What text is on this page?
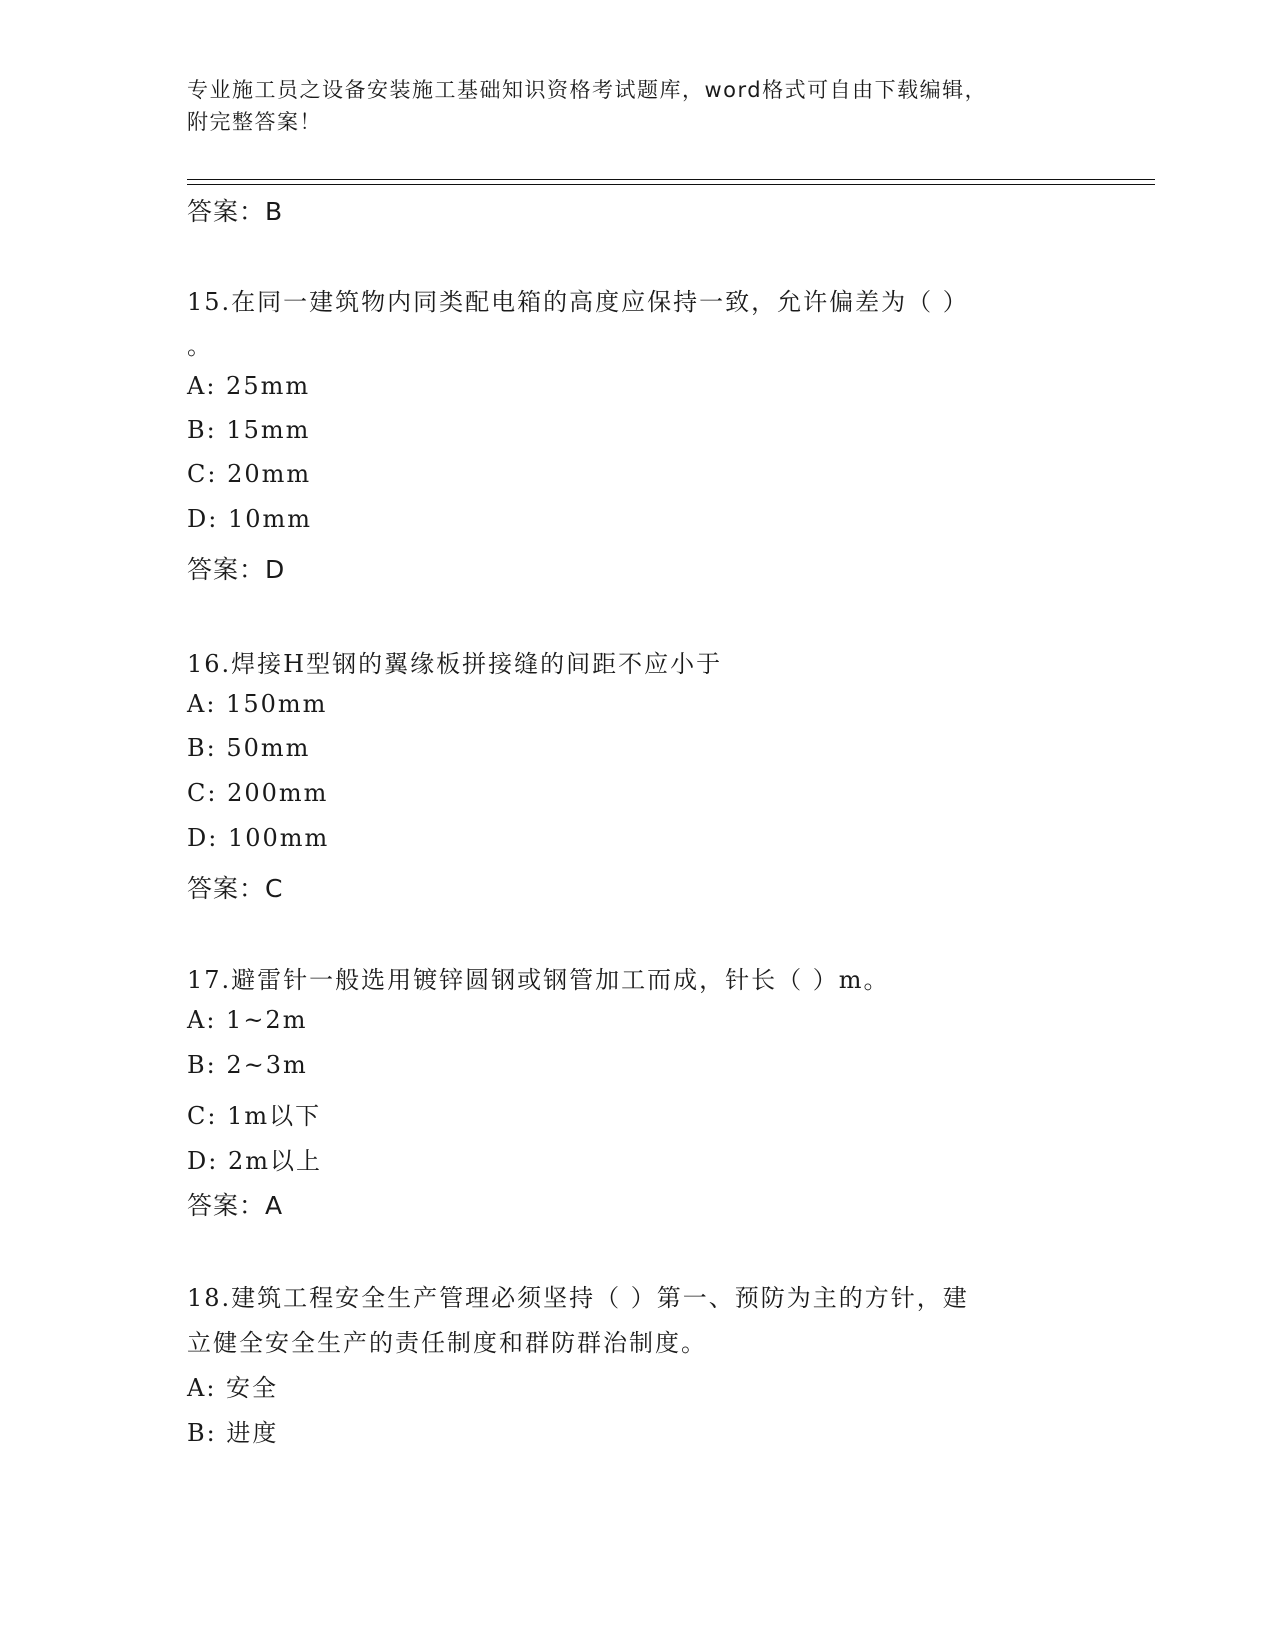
专业施工员之设备安装施工基础知识资格考试题库，word格式可自由下载编辑，
附完整答案！
答案：B
15.在同一建筑物内同类配电箱的高度应保持一致，允许偏差为（ ）
。
A: 25mm
B: 15mm
C: 20mm
D: 10mm
答案：D
16.焊接H型钢的翼缘板拼接缝的间距不应小于
A: 150mm
B: 50mm
C: 200mm
D: 100mm
答案：C
17.避雷针一般选用镀锌圆钢或钢管加工而成，针长（ ）m。
A: 1~2m
B: 2~3m
C: 1m以下
D: 2m以上
答案：A
18.建筑工程安全生产管理必须坚持（ ）第一、预防为主的方针，建
立健全安全生产的责任制度和群防群治制度。
A: 安全
B: 进度
